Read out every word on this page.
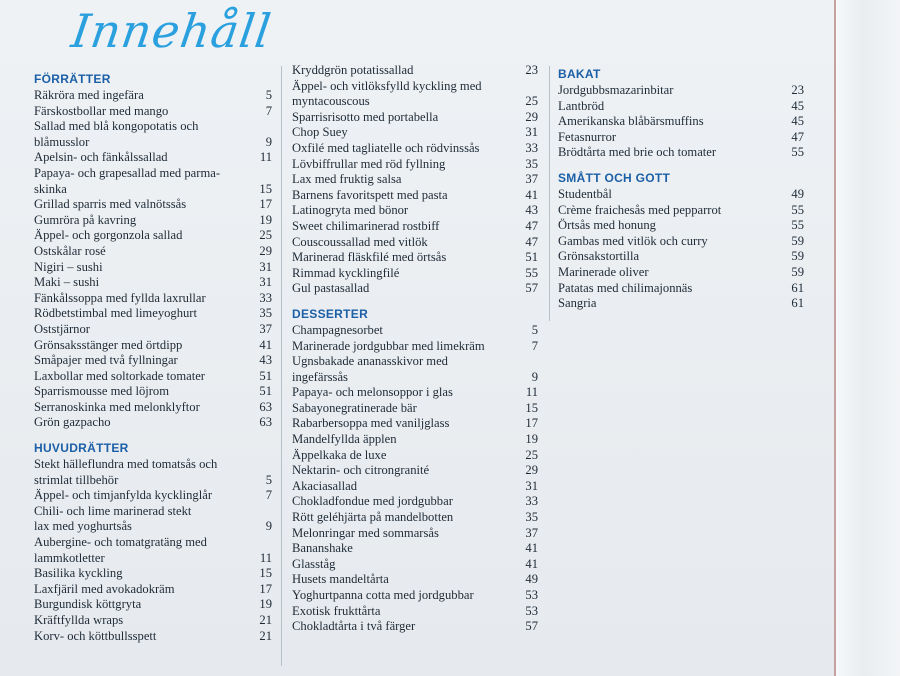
Innehåll
FÖRRÄTTER
Räkröra med ingefära	5
Färskostbollar med mango	7
Sallad med blå kongopotatis och
blåmusslor	9
Apelsin- och fänkålssallad	11
Papaya- och grapesallad med parma-
skinka	15
Grillad sparris med valnötssås	17
Gumröra på kavring	19
Äppel- och gorgonzola sallad	25
Ostskålar rosé	29
Nigiri – sushi	31
Maki – sushi	31
Fänkålssoppa med fyllda laxrullar	33
Rödbetstimbal med limeyoghurt	35
Oststjärnor	37
Grönsaksstänger med örtdipp	41
Småpajer med två fyllningar	43
Laxbollar med soltorkade tomater	51
Sparrismousse med löjrom	51
Serranoskinka med melonklyftor	63
Grön gazpacho	63
HUVUDRÄTTER
Stekt hälleflundra med tomatsås och
strimlat tillbehör	5
Äppel- och timjanfylda kycklinglår	7
Chili- och lime marinerad stekt
lax med yoghurtsås	9
Aubergine- och tomatgratäng med
lammkotletter	11
Basilika kyckling	15
Laxfjäril med avokadokräm	17
Burgundisk köttgryta	19
Kräftfyllda wraps	21
Korv- och köttbullsspett	21
Kryddgrön potatissallad	23
Äppel- och vitlöksfylld kyckling med
myntacouscous	25
Sparrisrisotto med portabella	29
Chop Suey	31
Oxfilé med tagliatelle och rödvinssås	33
Lövbiffrullar med röd fyllning	35
Lax med fruktig salsa	37
Barnens favoritspett med pasta	41
Latinogryta med bönor	43
Sweet chilimarinerad rostbiff	47
Couscoussallad med vitlök	47
Marinerad fläskfilé med örtsås	51
Rimmad kycklingfilé	55
Gul pastasallad	57
DESSERTER
Champagnesorbet	5
Marinerade jordgubbar med limekräm	7
Ugnsbakade ananasskivor med
ingefärssås	9
Papaya- och melonsoppor i glas	11
Sabayonegratinerade bär	15
Rabarbersoppa med vaniljglass	17
Mandelfyllda äpplen	19
Äppelkaka de luxe	25
Nektarin- och citrongranité	29
Akaciasallad	31
Chokladfondue med jordgubbar	33
Rött geléhjärta på mandelbotten	35
Melonringar med sommarsås	37
Bananshake	41
Glasståg	41
Husets mandeltårta	49
Yoghurtpanna cotta med jordgubbar	53
Exotisk frukttårta	53
Chokladtårta i två färger	57
BAKAT
Jordgubbsmazarinbitar	23
Lantbröd	45
Amerikanska blåbärsmuffins	45
Fetasnurror	47
Brödtårta med brie och tomater	55
SMÅTT OCH GOTT
Studentbål	49
Crème fraichesås med pepparrot	55
Örtsås med honung	55
Gambas med vitlök och curry	59
Grönsakstortilla	59
Marinerade oliver	59
Patatas med chilimajonnäs	61
Sangria	61
